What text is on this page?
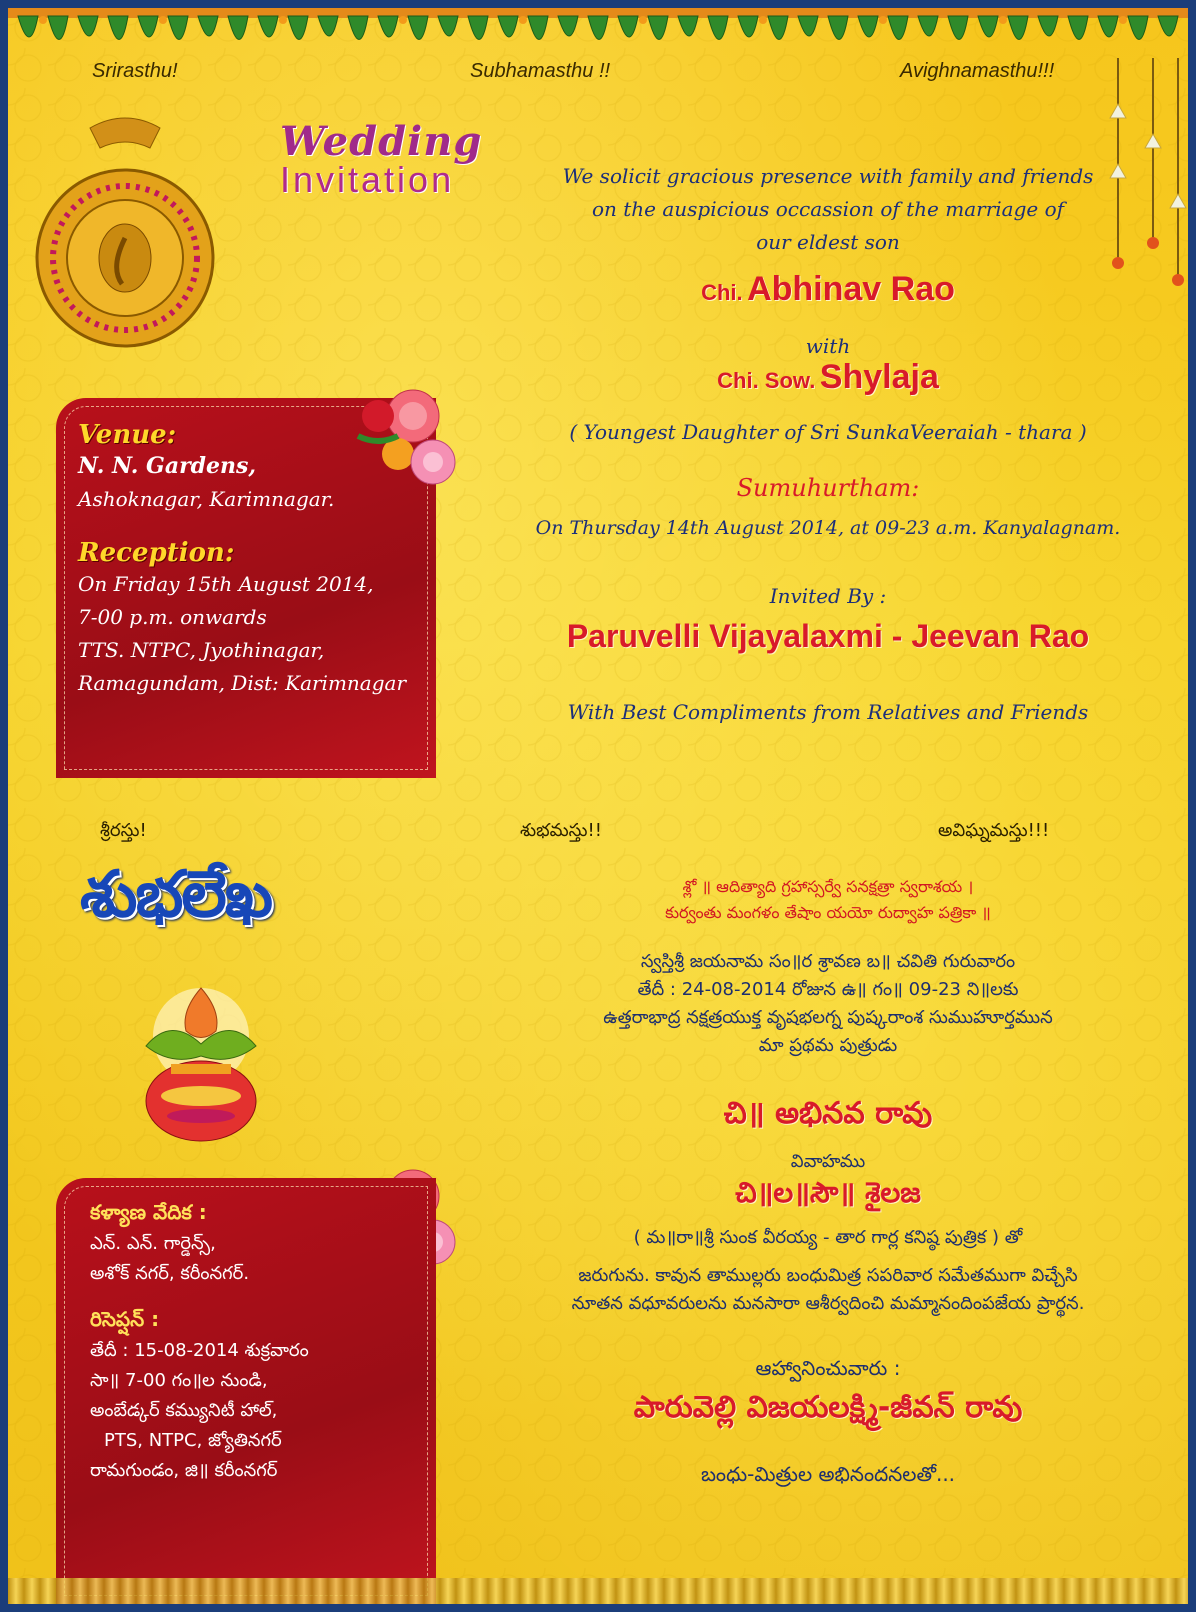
Srirasthu!	Subhamasthu !!	Avighnamasthu!!!
Wedding
Invitation	We solicit gracious presence with family and friends
on the auspicious occassion of the marriage of
our eldest son
Chi. Abhinav Rao
with
Chi. Sow. Shylaja
( Youngest Daughter of Sri SunkaVeeraiah - thara )
Sumuhurtham:
On Thursday 14th August 2014, at 09-23 a.m. Kanyalagnam.
Invited By :
Paruvelli Vijayalaxmi - Jeevan Rao
With Best Compliments from Relatives and Friends
Venue:
N. N. Gardens,
Ashoknagar, Karimnagar.
Reception:
On Friday 15th August 2014,
7-00 p.m. onwards
TTS. NTPC, Jyothinagar,
Ramagundam, Dist: Karimnagar
శ్రీరస్తు!	శుభమస్తు!!	అవిఘ్నమస్తు!!!
శుభలేఖ	శ్లో ॥ ఆదిత్యాది గ్రహాస్సర్వే సనక్షత్రా స్వరాశయ ।
కుర్వంతు మంగళం తేషాం యయో రుద్వాహ పత్రికా ॥
స్వస్తిశ్రీ జయనామ సం॥ర శ్రావణ బ॥ చవితి గురువారం
తేదీ : 24-08-2014 రోజున ఉ॥ గం॥ 09-23 ని॥లకు
ఉత్తరాభాద్ర నక్షత్రయుక్త వృషభలగ్న పుష్కరాంశ సుముహూర్తమున
మా ప్రథమ పుత్రుడు
చి॥ అభినవ రావు
వివాహము
చి॥ల॥సౌ॥ శైలజ
( మ॥రా॥శ్రీ సుంక వీరయ్య - తార గార్ల కనిష్ఠ పుత్రిక ) తో
జరుగును. కావున తాముల్లరు బంధుమిత్ర సపరివార సమేతముగా విచ్చేసి
నూతన వధూవరులను మనసారా ఆశీర్వదించి మమ్మానందింపజేయ ప్రార్థన.
ఆహ్వానించువారు :
పారువెల్లి విజయలక్ష్మి-జీవన్ రావు
బంధు-మిత్రుల అభినందనలతో...
కళ్యాణ వేదిక :
ఎన్. ఎన్. గార్డెన్స్,
అశోక్ నగర్, కరీంనగర్.
రిసెప్షన్ :
తేదీ : 15-08-2014 శుక్రవారం
సా॥ 7-00 గం॥ల నుండి,
అంబేడ్కర్ కమ్యునిటీ హాల్,
PTS, NTPC, జ్యోతినగర్
రామగుండం, జి॥ కరీంనగర్
